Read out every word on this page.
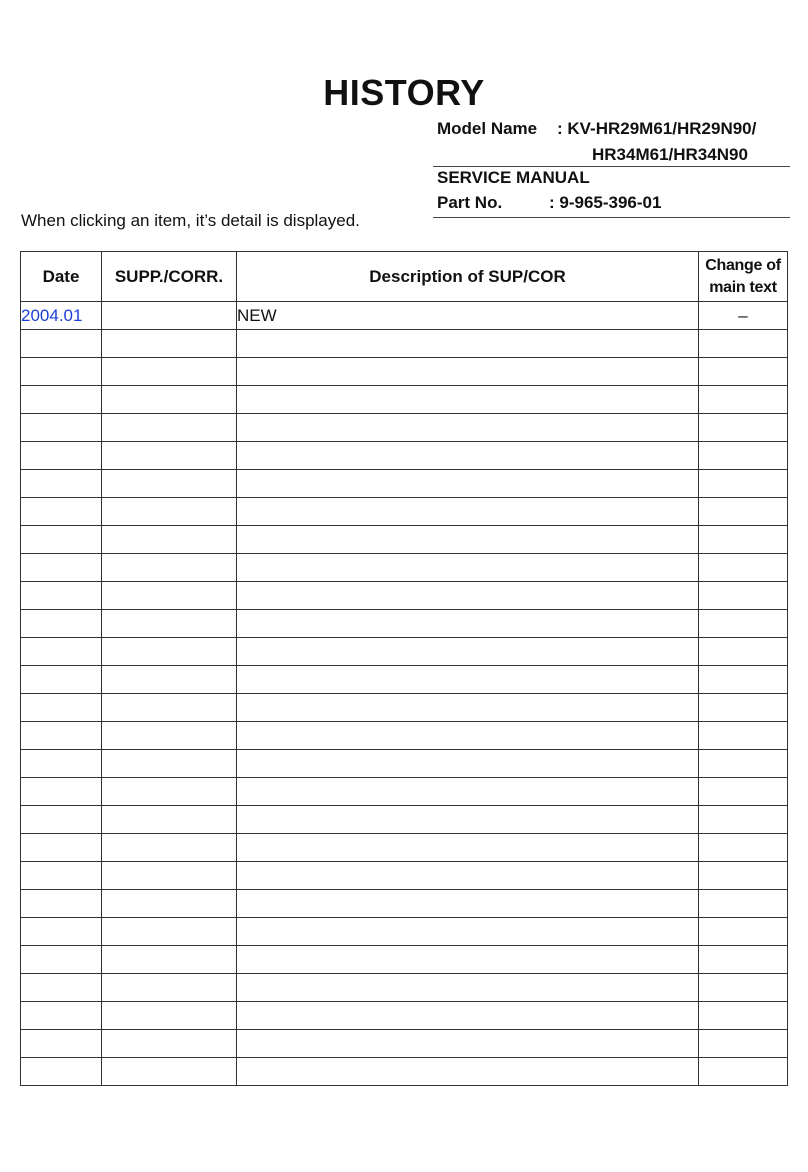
HISTORY
Model Name : KV-HR29M61/HR29N90/
HR34M61/HR34N90
SERVICE MANUAL
Part No.	: 9-965-396-01
When clicking an item, it’s detail is displayed.
Date	SUPP./CORR.	Description of SUP/COR	Change of
main text
2004.01		NEW	–
